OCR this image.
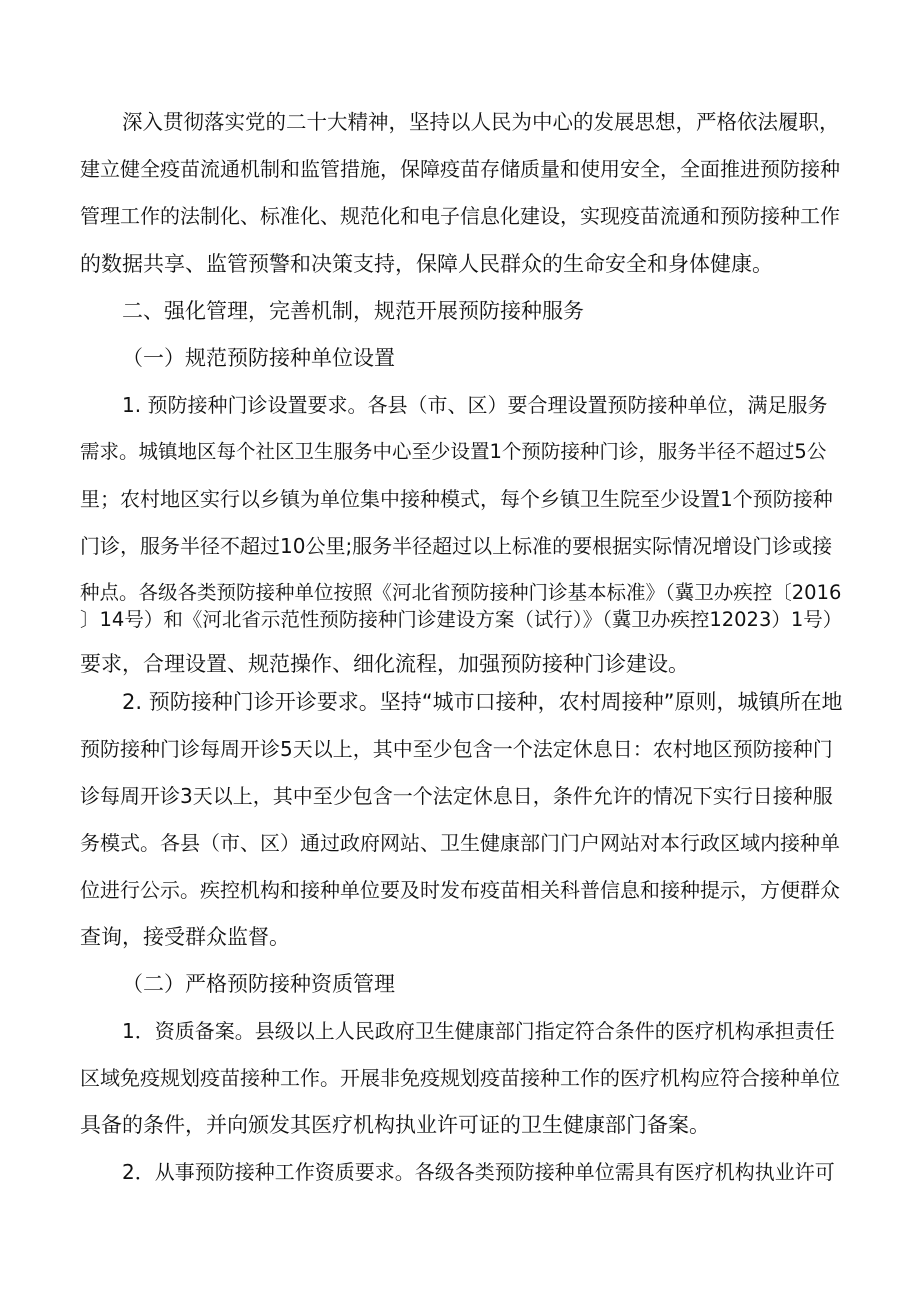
深入贯彻落实党的二十大精神，坚持以人民为中心的发展思想，严格依法履职，
建立健全疫苗流通机制和监管措施，保障疫苗存储质量和使用安全，全面推进预防接种
管理工作的法制化、标准化、规范化和电子信息化建设，实现疫苗流通和预防接种工作
的数据共享、监管预警和决策支持，保障人民群众的生命安全和身体健康。
二、强化管理，完善机制，规范开展预防接种服务
（一）规范预防接种单位设置
1. 预防接种门诊设置要求。各县（市、区）要合理设置预防接种单位，满足服务
需求。城镇地区每个社区卫生服务中心至少设置1个预防接种门诊，服务半径不超过5公
里；农村地区实行以乡镇为单位集中接种模式，每个乡镇卫生院至少设置1个预防接种
门诊，服务半径不超过10公里;服务半径超过以上标准的要根据实际情况增设门诊或接
种点。各级各类预防接种单位按照《河北省预防接种门诊基本标准》（冀卫办疾控〔2016
〕14号）和《河北省示范性预防接种门诊建设方案（试行）》（冀卫办疾控12023）1号）
要求，合理设置、规范操作、细化流程，加强预防接种门诊建设。
2. 预防接种门诊开诊要求。坚持“城市口接种，农村周接种”原则，城镇所在地
预防接种门诊每周开诊5天以上，其中至少包含一个法定休息日：农村地区预防接种门
诊每周开诊3天以上，其中至少包含一个法定休息日，条件允许的情况下实行日接种服
务模式。各县（市、区）通过政府网站、卫生健康部门门户网站对本行政区域内接种单
位进行公示。疾控机构和接种单位要及时发布疫苗相关科普信息和接种提示，方便群众
查询，接受群众监督。
（二）严格预防接种资质管理
1．资质备案。县级以上人民政府卫生健康部门指定符合条件的医疗机构承担责任
区域免疫规划疫苗接种工作。开展非免疫规划疫苗接种工作的医疗机构应符合接种单位
具备的条件，并向颁发其医疗机构执业许可证的卫生健康部门备案。
2．从事预防接种工作资质要求。各级各类预防接种单位需具有医疗机构执业许可
